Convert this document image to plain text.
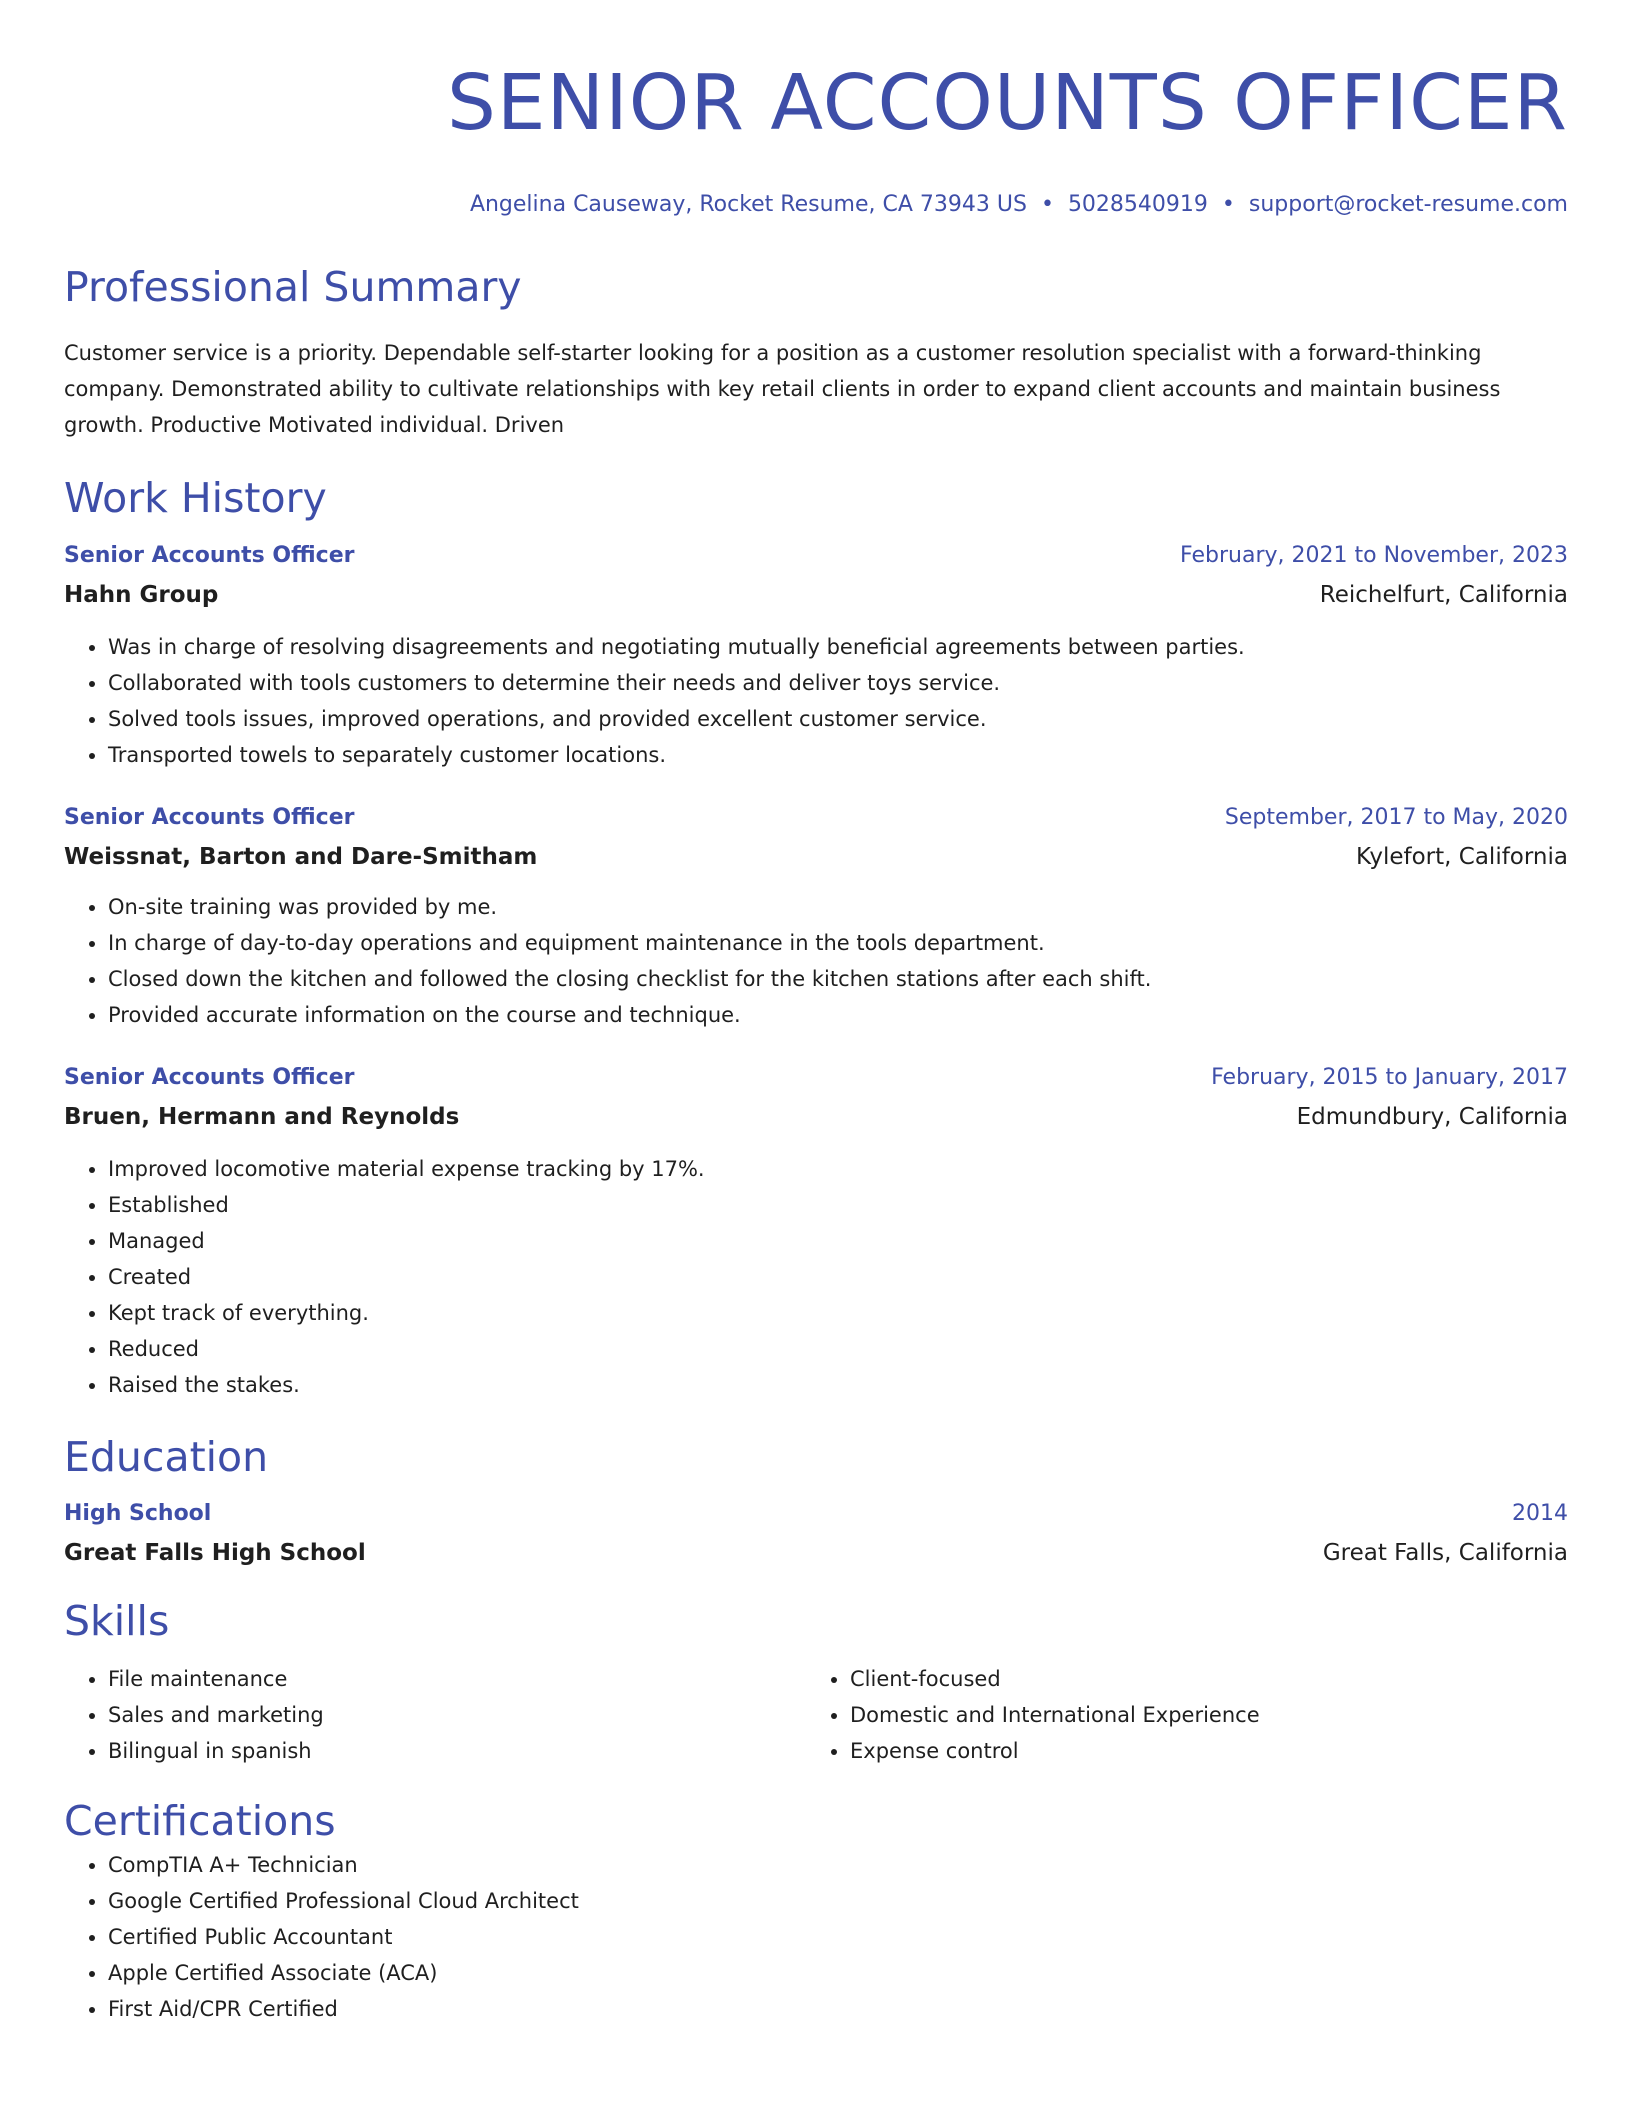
SENIOR ACCOUNTS OFFICER
Angelina Causeway, Rocket Resume, CA 73943 US • 5028540919 • support@rocket-resume.com
Professional Summary

Customer service is a priority. Dependable self-starter looking for a position as a customer resolution specialist with a forward-thinking company. Demonstrated ability to cultivate relationships with key retail clients in order to expand client accounts and maintain business growth. Productive Motivated individual. Driven

Work History
Senior Accounts Officer	February, 2021 to November, 2023
Hahn Group	Reichelfurt, California
• Was in charge of resolving disagreements and negotiating mutually beneficial agreements between parties.
• Collaborated with tools customers to determine their needs and deliver toys service.
• Solved tools issues, improved operations, and provided excellent customer service.
• Transported towels to separately customer locations.
Senior Accounts Officer	September, 2017 to May, 2020
Weissnat, Barton and Dare-Smitham	Kylefort, California
• On-site training was provided by me.
• In charge of day-to-day operations and equipment maintenance in the tools department.
• Closed down the kitchen and followed the closing checklist for the kitchen stations after each shift.
• Provided accurate information on the course and technique.
Senior Accounts Officer	February, 2015 to January, 2017
Bruen, Hermann and Reynolds	Edmundbury, California
• Improved locomotive material expense tracking by 17%.
• Established
• Managed
• Created
• Kept track of everything.
• Reduced
• Raised the stakes.
Education
High School	2014
Great Falls High School	Great Falls, California
Skills
• File maintenance
• Sales and marketing
• Bilingual in spanish
• Client-focused
• Domestic and International Experience
• Expense control
Certifications
• CompTIA A+ Technician
• Google Certified Professional Cloud Architect
• Certified Public Accountant
• Apple Certified Associate (ACA)
• First Aid/CPR Certified
